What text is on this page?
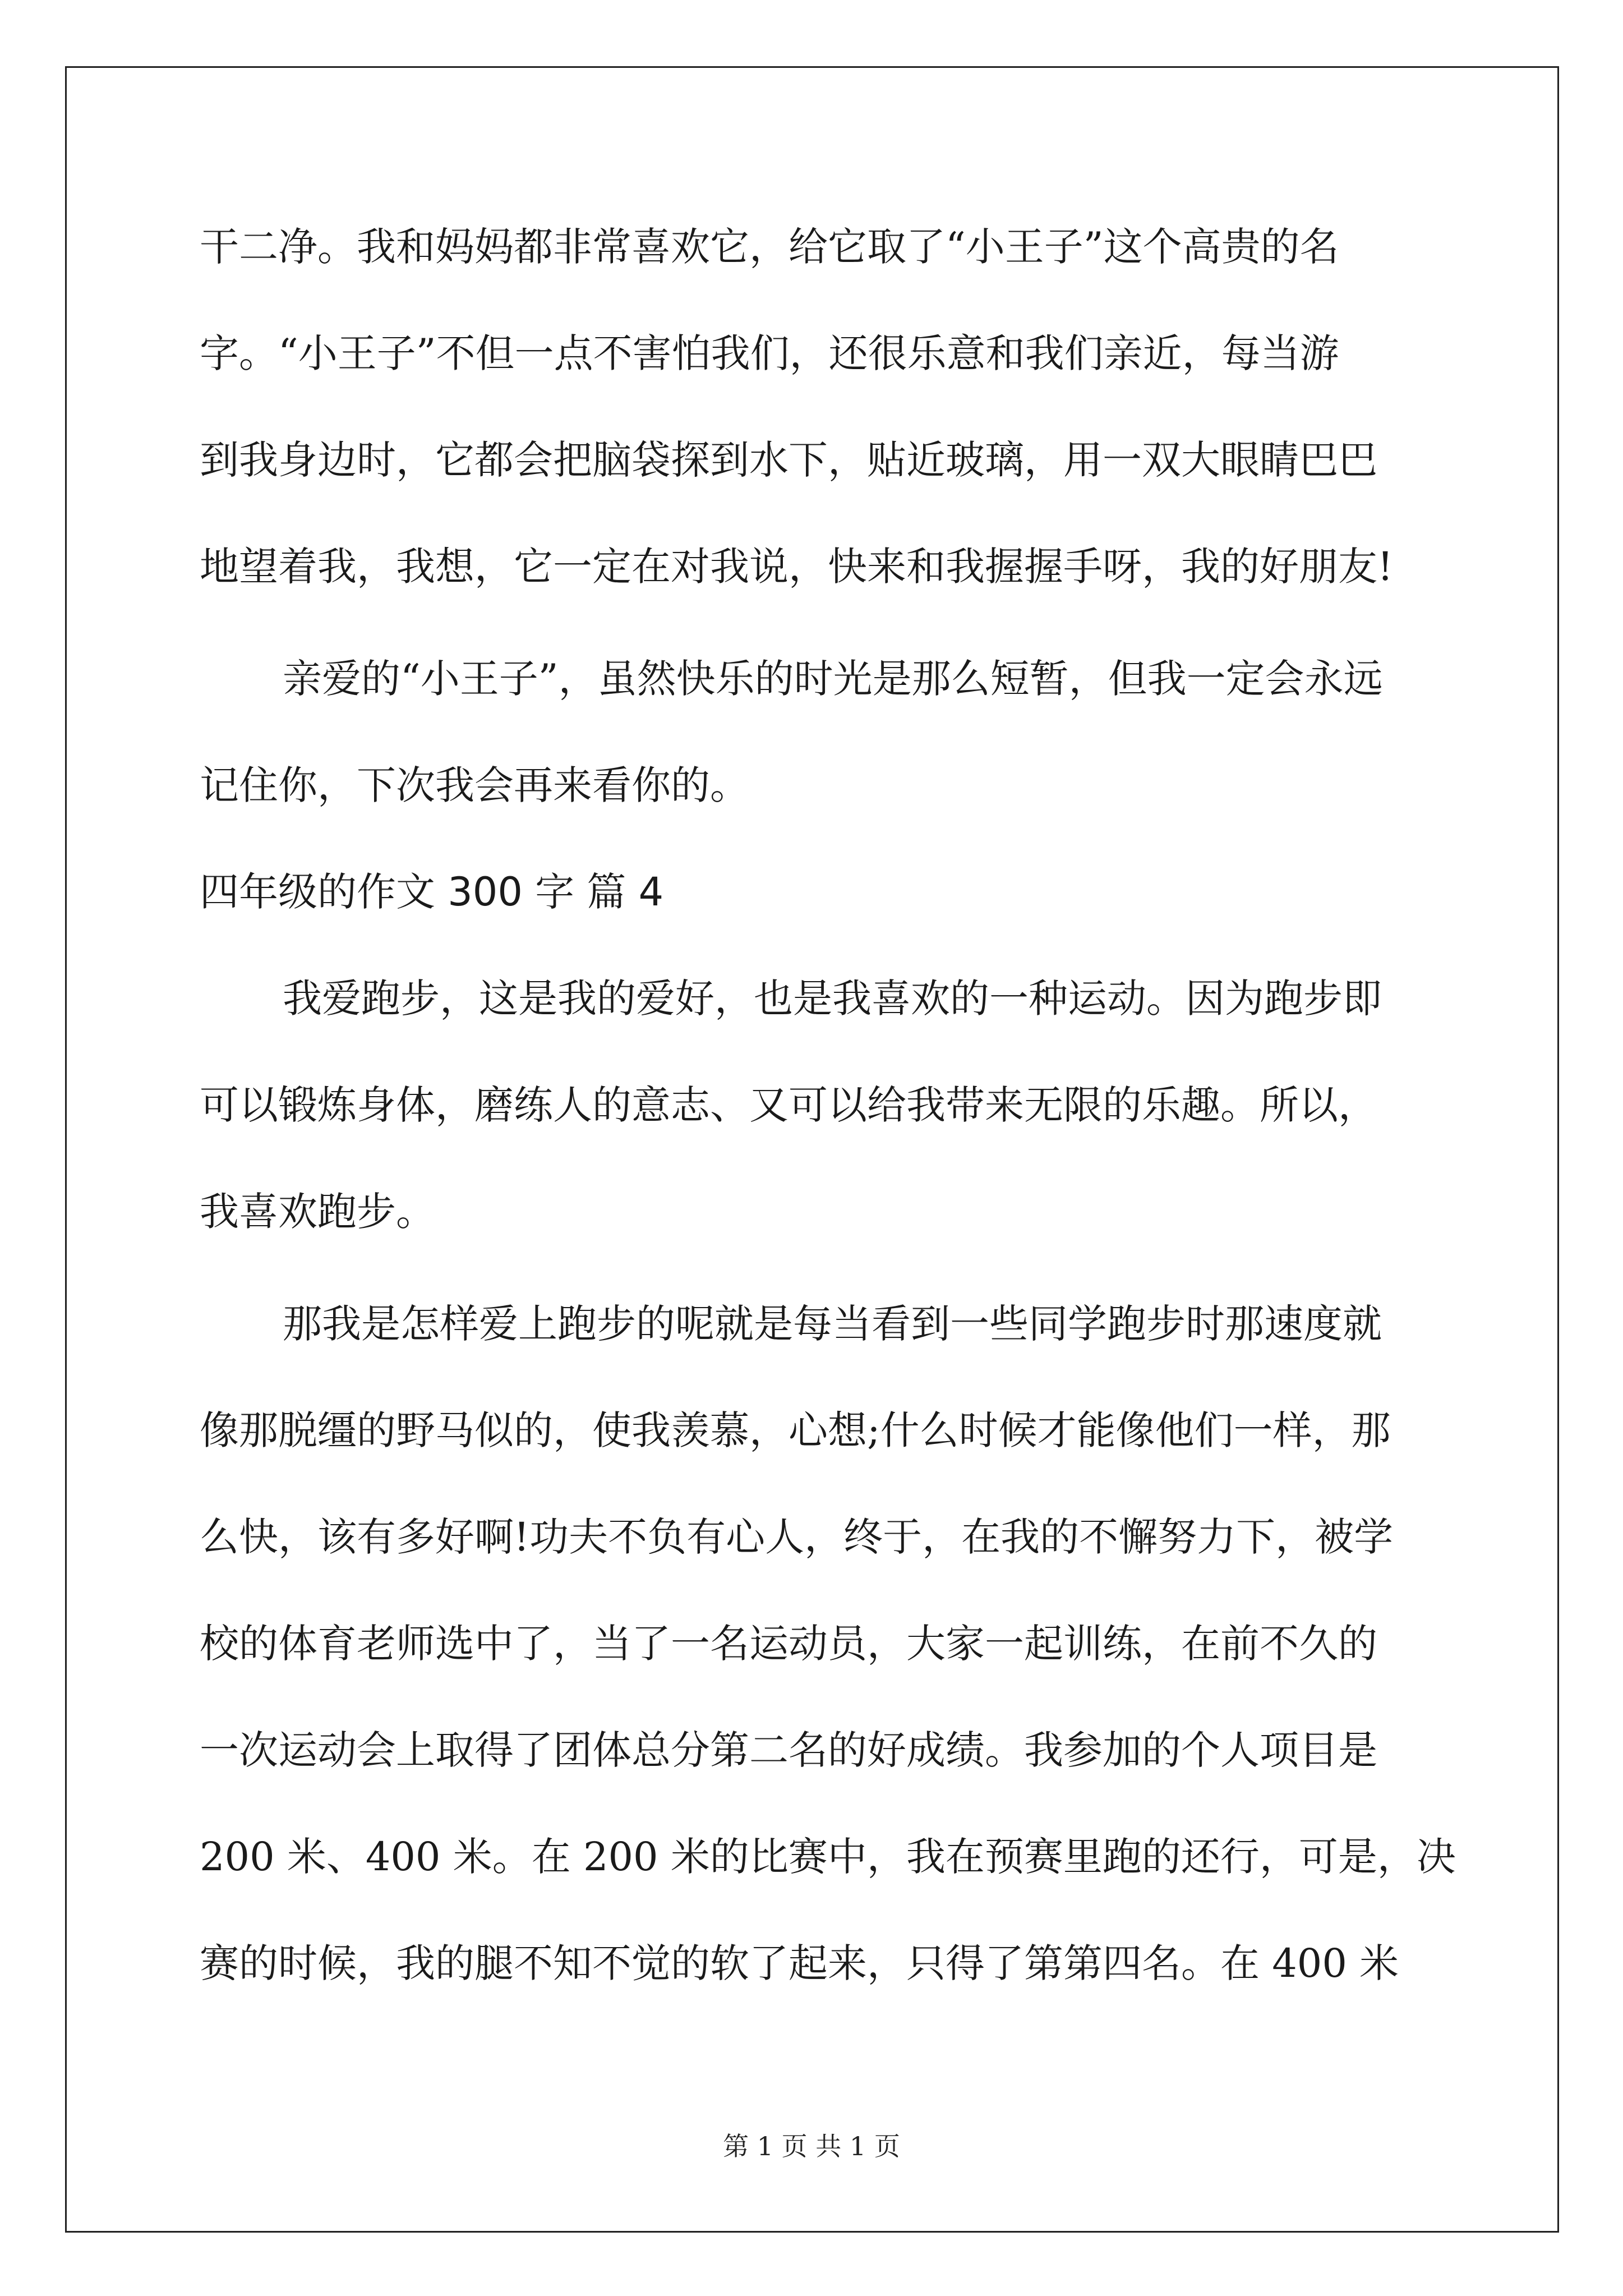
干二净。我和妈妈都非常喜欢它，给它取了“小王子”这个高贵的名

字。“小王子”不但一点不害怕我们，还很乐意和我们亲近，每当游

到我身边时，它都会把脑袋探到水下，贴近玻璃，用一双大眼睛巴巴

地望着我，我想，它一定在对我说，快来和我握握手呀，我的好朋友!

亲爱的“小王子”，虽然快乐的时光是那么短暂，但我一定会永远

记住你，下次我会再来看你的。

四年级的作文 300 字 篇 4

我爱跑步，这是我的爱好，也是我喜欢的一种运动。因为跑步即

可以锻炼身体，磨练人的意志、又可以给我带来无限的乐趣。所以，

我喜欢跑步。

那我是怎样爱上跑步的呢就是每当看到一些同学跑步时那速度就

像那脱缰的野马似的，使我羡慕，心想;什么时候才能像他们一样，那

么快，该有多好啊!功夫不负有心人，终于，在我的不懈努力下，被学

校的体育老师选中了，当了一名运动员，大家一起训练，在前不久的

一次运动会上取得了团体总分第二名的好成绩。我参加的个人项目是

200 米、400 米。在 200 米的比赛中，我在预赛里跑的还行，可是，决

赛的时候，我的腿不知不觉的软了起来，只得了第第四名。在 400 米

第 1 页 共 1 页
